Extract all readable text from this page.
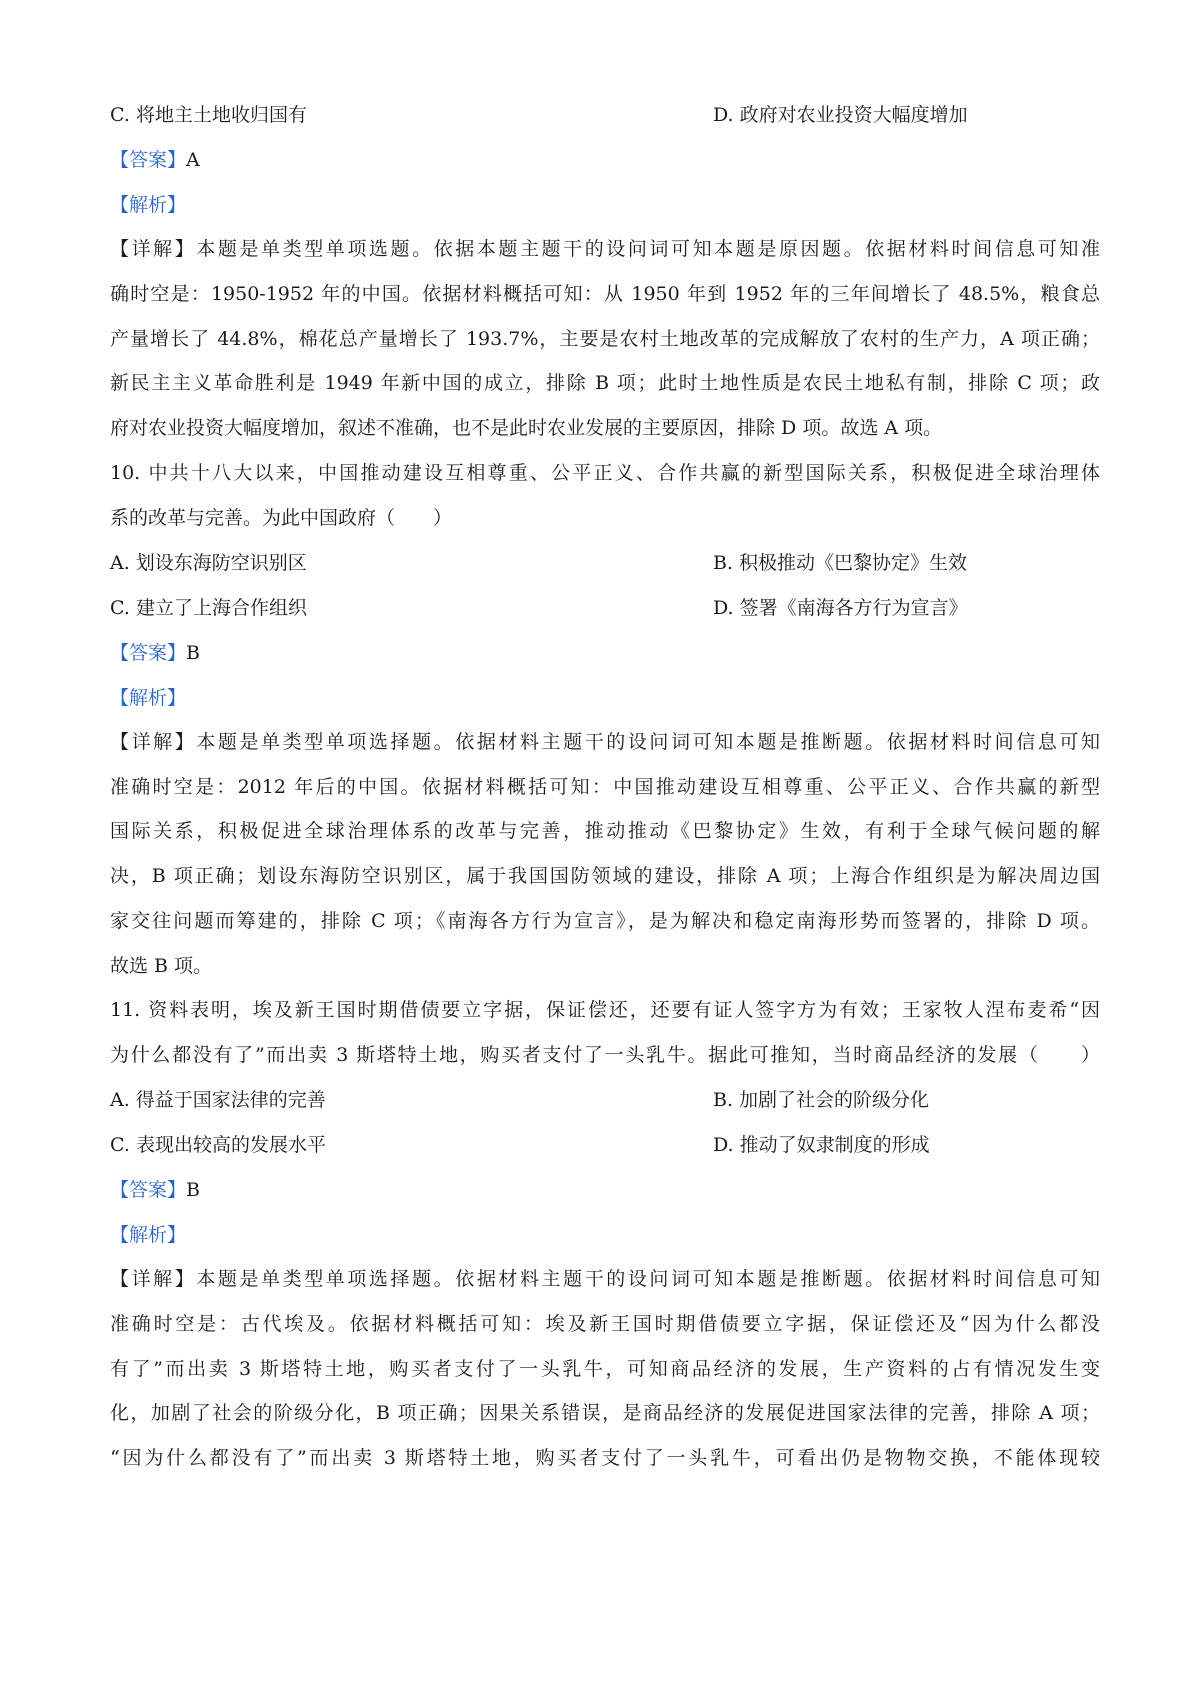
C. 将地主土地收归国有	D. 政府对农业投资大幅度增加
【答案】A
【解析】
【详解】本题是单类型单项选题。依据本题主题干的设问词可知本题是原因题。依据材料时间信息可知准
确时空是：1950-1952 年的中国。依据材料概括可知：从 1950 年到 1952 年的三年间增长了 48.5%，粮食总
产量增长了 44.8%，棉花总产量增长了 193.7%，主要是农村土地改革的完成解放了农村的生产力，A 项正确；
新民主主义革命胜利是 1949 年新中国的成立，排除 B 项；此时土地性质是农民土地私有制，排除 C 项；政
府对农业投资大幅度增加，叙述不准确，也不是此时农业发展的主要原因，排除 D 项。故选 A 项。
10. 中共十八大以来，中国推动建设互相尊重、公平正义、合作共赢的新型国际关系，积极促进全球治理体
系的改革与完善。为此中国政府（　　）
A. 划设东海防空识别区	B. 积极推动《巴黎协定》生效
C. 建立了上海合作组织	D. 签署《南海各方行为宣言》
【答案】B
【解析】
【详解】本题是单类型单项选择题。依据材料主题干的设问词可知本题是推断题。依据材料时间信息可知
准确时空是：2012 年后的中国。依据材料概括可知：中国推动建设互相尊重、公平正义、合作共赢的新型
国际关系，积极促进全球治理体系的改革与完善，推动推动《巴黎协定》生效，有利于全球气候问题的解
决，B 项正确；划设东海防空识别区，属于我国国防领域的建设，排除 A 项；上海合作组织是为解决周边国
家交往问题而筹建的，排除 C 项；《南海各方行为宣言》，是为解决和稳定南海形势而签署的，排除 D 项。
故选 B 项。
11. 资料表明，埃及新王国时期借债要立字据，保证偿还，还要有证人签字方为有效；王家牧人涅布麦希“因
为什么都没有了”而出卖 3 斯塔特土地，购买者支付了一头乳牛。据此可推知，当时商品经济的发展（　　）
A. 得益于国家法律的完善	B. 加剧了社会的阶级分化
C. 表现出较高的发展水平	D. 推动了奴隶制度的形成
【答案】B
【解析】
【详解】本题是单类型单项选择题。依据材料主题干的设问词可知本题是推断题。依据材料时间信息可知
准确时空是：古代埃及。依据材料概括可知：埃及新王国时期借债要立字据，保证偿还及“因为什么都没
有了”而出卖 3 斯塔特土地，购买者支付了一头乳牛，可知商品经济的发展，生产资料的占有情况发生变
化，加剧了社会的阶级分化，B 项正确；因果关系错误，是商品经济的发展促进国家法律的完善，排除 A 项；
“因为什么都没有了”而出卖 3 斯塔特土地，购买者支付了一头乳牛，可看出仍是物物交换，不能体现较
